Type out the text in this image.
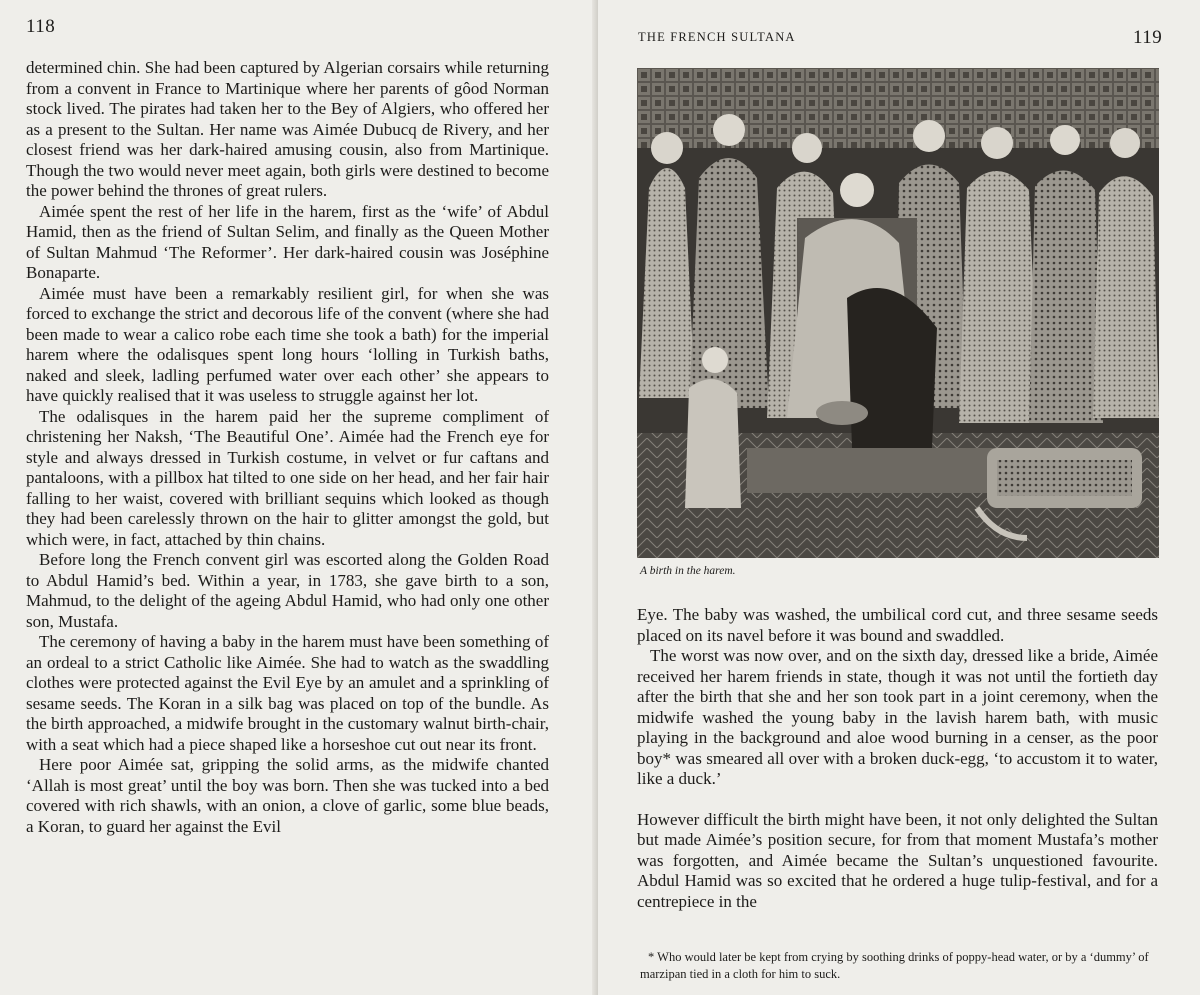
118

determined chin. She had been captured by Algerian corsairs while returning from a convent in France to Martinique where her parents of gôod Norman stock lived. The pirates had taken her to the Bey of Algiers, who offered her as a present to the Sultan. Her name was Aimée Dubucq de Rivery, and her closest friend was her dark-haired amusing cousin, also from Martinique. Though the two would never meet again, both girls were destined to become the power behind the thrones of great rulers.

Aimée spent the rest of her life in the harem, first as the ‘wife’ of Abdul Hamid, then as the friend of Sultan Selim, and finally as the Queen Mother of Sultan Mahmud ‘The Reformer’. Her dark-haired cousin was Joséphine Bonaparte.

Aimée must have been a remarkably resilient girl, for when she was forced to exchange the strict and decorous life of the convent (where she had been made to wear a calico robe each time she took a bath) for the imperial harem where the odalisques spent long hours ‘lolling in Turkish baths, naked and sleek, ladling perfumed water over each other’ she appears to have quickly realised that it was useless to struggle against her lot.

The odalisques in the harem paid her the supreme compliment of christening her Naksh, ‘The Beautiful One’. Aimée had the French eye for style and always dressed in Turkish costume, in velvet or fur caftans and pantaloons, with a pillbox hat tilted to one side on her head, and her fair hair falling to her waist, covered with brilliant sequins which looked as though they had been carelessly thrown on the hair to glitter amongst the gold, but which were, in fact, attached by thin chains.

Before long the French convent girl was escorted along the Golden Road to Abdul Hamid’s bed. Within a year, in 1783, she gave birth to a son, Mahmud, to the delight of the ageing Abdul Hamid, who had only one other son, Mustafa.

The ceremony of having a baby in the harem must have been something of an ordeal to a strict Catholic like Aimée. She had to watch as the swaddling clothes were protected against the Evil Eye by an amulet and a sprinkling of sesame seeds. The Koran in a silk bag was placed on top of the bundle. As the birth approached, a midwife brought in the customary walnut birth-chair, with a seat which had a piece shaped like a horseshoe cut out near its front.

Here poor Aimée sat, gripping the solid arms, as the midwife chanted ‘Allah is most great’ until the boy was born. Then she was tucked into a bed covered with rich shawls, with an onion, a clove of garlic, some blue beads, a Koran, to guard her against the Evil

THE FRENCH SULTANA	119
A birth in the harem.

Eye. The baby was washed, the umbilical cord cut, and three sesame seeds placed on its navel before it was bound and swaddled.

The worst was now over, and on the sixth day, dressed like a bride, Aimée received her harem friends in state, though it was not until the fortieth day after the birth that she and her son took part in a joint ceremony, when the midwife washed the young baby in the lavish harem bath, with music playing in the background and aloe wood burning in a censer, as the poor boy* was smeared all over with a broken duck-egg, ‘to accustom it to water, like a duck.’

However difficult the birth might have been, it not only delighted the Sultan but made Aimée’s position secure, for from that moment Mustafa’s mother was forgotten, and Aimée became the Sultan’s unquestioned favourite. Abdul Hamid was so excited that he ordered a huge tulip-festival, and for a centrepiece in the

* Who would later be kept from crying by soothing drinks of poppy-head water, or by a ‘dummy’ of marzipan tied in a cloth for him to suck.
